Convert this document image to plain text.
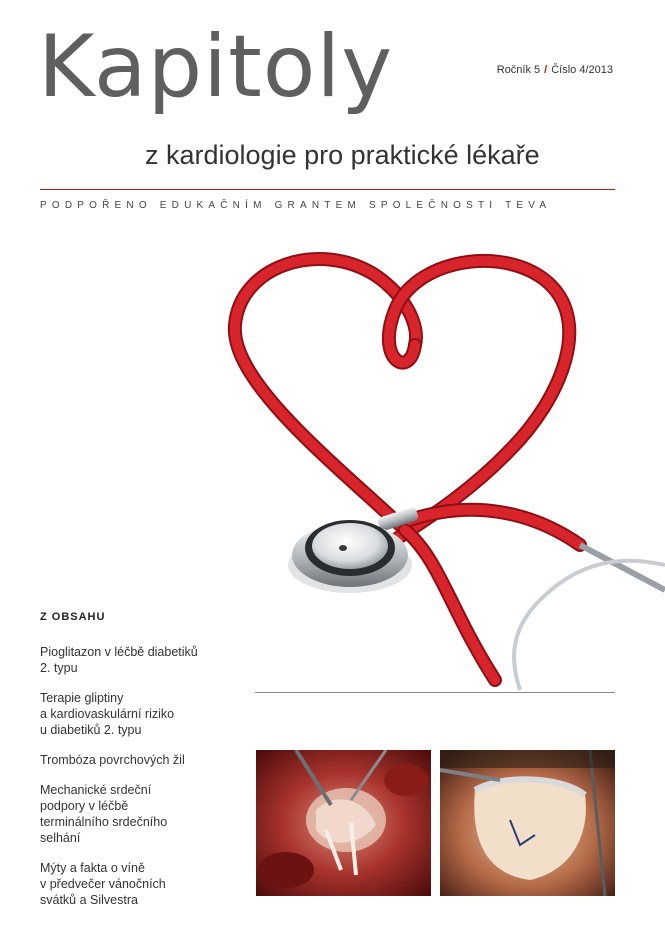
Kapitoly	Ročník 5 / Číslo 4/2013
z kardiologie pro praktické lékaře
PODPOŘENO EDUKAČNÍM GRANTEM SPOLEČNOSTI TEVA
Z OBSAHU
Pioglitazon v léčbě diabetiků
2. typu
Terapie gliptiny
a kardiovaskulární riziko
u diabetiků 2. typu
Trombóza povrchových žil
Mechanické srdeční
podpory v léčbě
terminálního srdečního
selhání
Mýty a fakta o víně
v předvečer vánočních
svátků a Silvestra
